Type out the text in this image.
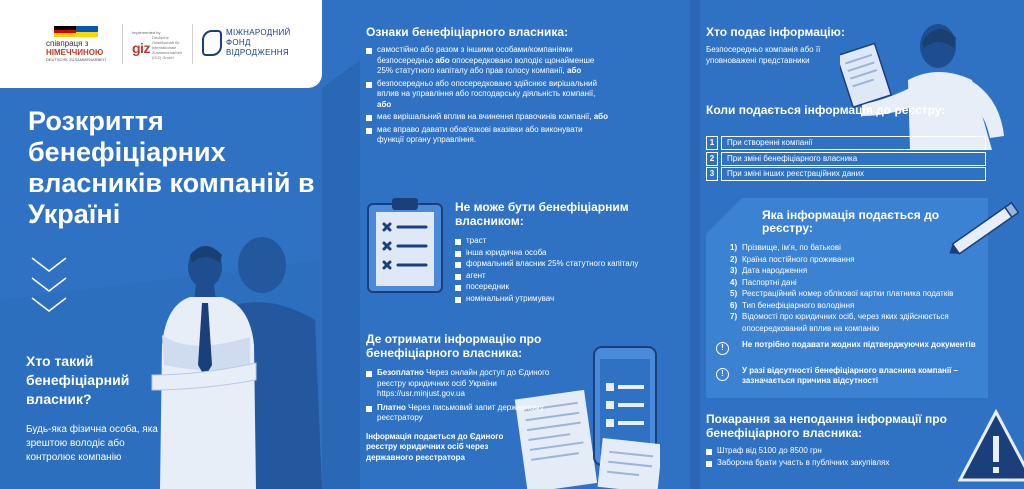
співпраця з
НІМЕЧЧИНОЮ
DEUTSCHE ZUSAMMENARBEIT
Implemented by
giz
Deutsche Gesellschaft für Internationale Zusammenarbeit (GIZ) GmbH
МІЖНАРОДНИЙ
ФОНД
ВІДРОДЖЕННЯ
Розкриття бенефіціарних власників компаній в Україні
Хто такий бенефіціарний власник?
Будь-яка фізична особа, яка зрештою володіє або контролює компанію
Ознаки бенефіціарного власника:
самостійно або разом з іншими особами/компаніями безпосередньо або опосередковано володіє щонайменше 25% статутного капіталу або прав голосу компанії, або
безпосередньо або опосередковано здійснює вирішальний вплив на управління або господарську діяльність компанії, або
має вирішальний вплив на вчинення правочинів компанії, або
має вправо давати обов'язкові вказівки або виконувати функції органу управління.
Не може бути бенефіціарним власником:
траст
інша юридична особа
формальний власник 25% статутного капіталу
агент
посередник
номінальний утримувач
Де отримати інформацію про бенефіціарного власника:
Безоплатно Через онлайн доступ до Єдиного реєстру юридичних осіб України https://usr.minjust.gov.ua
Платно Через письмовий запит державному реєстратору
Інформація подається до Єдиного реєстру юридичних осіб через державного реєстратора
Хто подає інформацію:
Безпосередньо компанія або її уповноважені представники
Коли подається інформація до реєстру:
1	При створенні компанії
2	При зміні бенефіціарного власника
3	При зміні інших реєстраційних даних
Яка інформація подається до реєстру:
1) Прізвище, ім'я, по батькові
2) Країна постійного проживання
3) Дата народження
4) Паспортні дані
5) Реєстраційний номер облікової картки платника податків
6) Тип бенефіціарного володіння
7) Відомості про юридичних осіб, через яких здійснюється опосередкований вплив на компанію
!	Не потрібно подавати жодних підтверджуючих документів
!	У разі відсутності бенефіціарного власника компанії – зазначається причина відсутності
Покарання за неподання інформації про бенефіціарного власника:
Штраф від 5100 до 8500 грн
Заборона брати участь в публічних закупівлях
